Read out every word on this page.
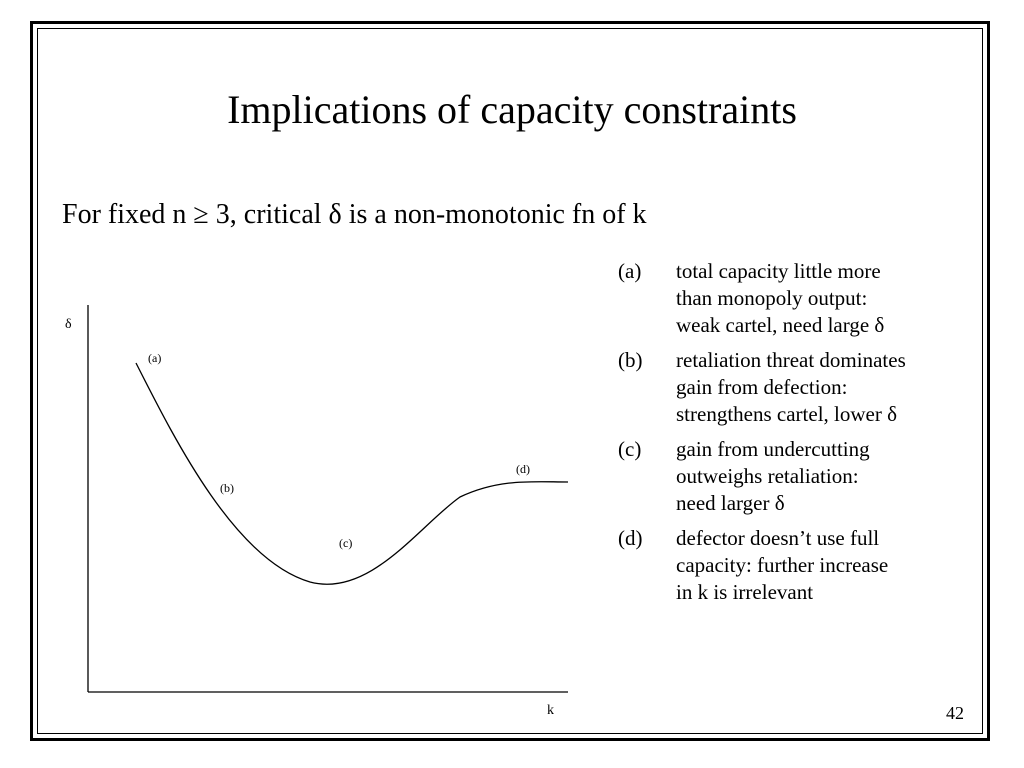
Implications of capacity constraints
For fixed n ≥ 3, critical δ is a non-monotonic fn of k
δ
k
(a)
(b)
(c)
(d)
(a)	total capacity little more
than monopoly output:
weak cartel, need large δ
(b)	retaliation threat dominates
gain from defection:
strengthens cartel, lower δ
(c)	gain from undercutting
outweighs retaliation:
need larger δ
(d)	defector doesn’t use full
capacity: further increase
in k is irrelevant
42
